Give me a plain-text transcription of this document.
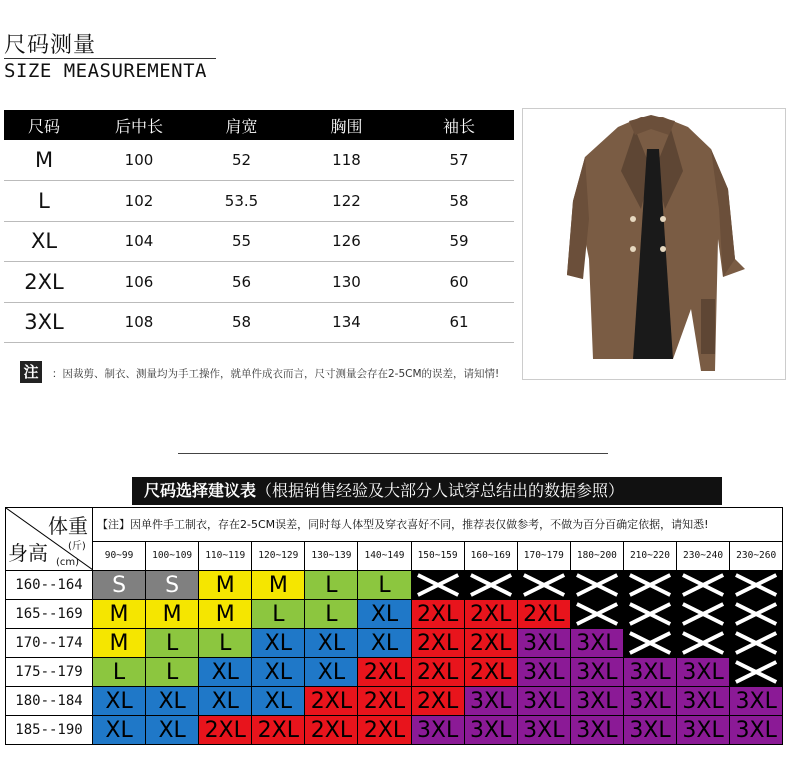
尺码测量
SIZE MEASUREMENTA
尺码	后中长	肩宽	胸围	袖长
M	100	52	118	57
L	102	53.5	122	58
XL	104	55	126	59
2XL	106	56	130	60
3XL	108	58	134	61
注	：因裁剪、制衣、测量均为手工操作，就单件成衣而言，尺寸测量会存在2-5CM的误差，请知情!
尺码选择建议表（根据销售经验及大部分人试穿总结出的数据参照）
体重
(斤)
身高 (cm)	【注】因单件手工制衣，存在2-5CM误差，同时每人体型及穿衣喜好不同，推荐表仅做参考，不做为百分百确定依据，请知悉!												
	90~99	100~109	110~119	120~129	130~139	140~149	150~159	160~169	170~179	180~200	210~220	230~240	230~260
160--164	S	S	M	M	L	L	

165--169	M	M	M	L	L	XL	2XL	2XL	2XL	

170--174	M	L	L	XL	XL	XL	2XL	2XL	3XL	3XL	

175--179	L	L	XL	XL	XL	2XL	2XL	2XL	3XL	3XL	3XL	3XL	

180--184	XL	XL	XL	XL	2XL	2XL	2XL	3XL	3XL	3XL	3XL	3XL	3XL
185--190	XL	XL	2XL	2XL	2XL	2XL	3XL	3XL	3XL	3XL	3XL	3XL	3XL
